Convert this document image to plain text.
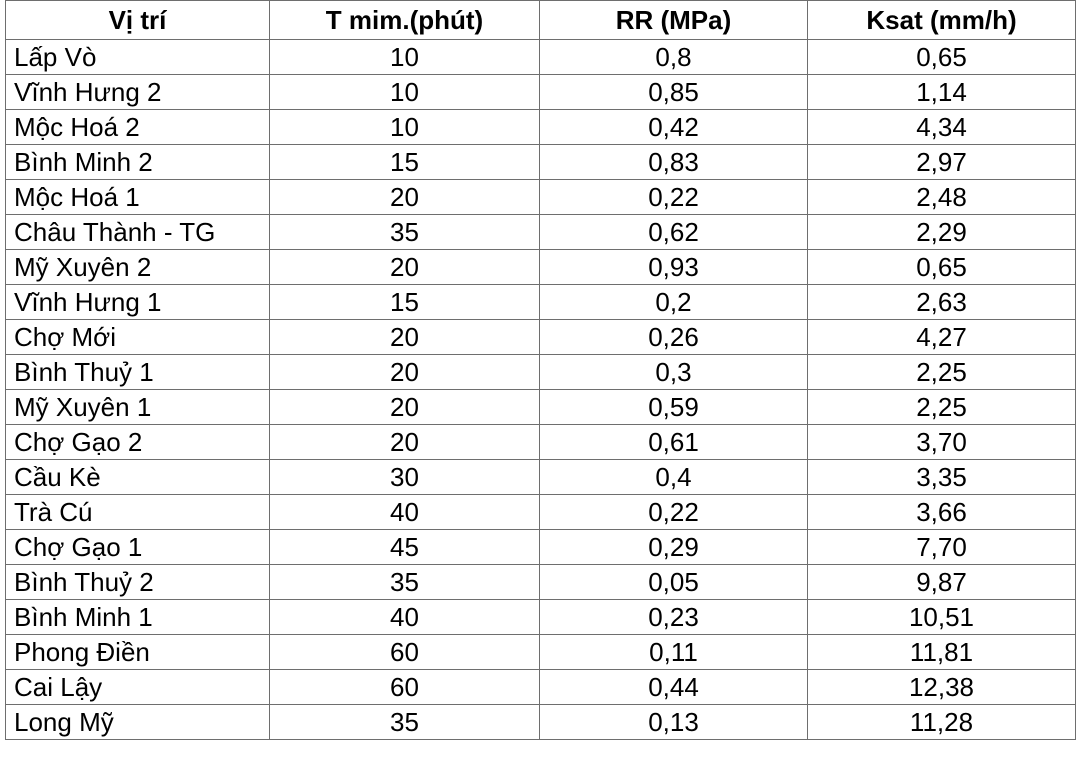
Vị trí	T mim.(phút)	RR (MPa)	Ksat (mm/h)
Lấp Vò	10	0,8	0,65
Vĩnh Hưng 2	10	0,85	1,14
Mộc Hoá 2	10	0,42	4,34
Bình Minh 2	15	0,83	2,97
Mộc Hoá 1	20	0,22	2,48
Châu Thành - TG	35	0,62	2,29
Mỹ Xuyên 2	20	0,93	0,65
Vĩnh Hưng 1	15	0,2	2,63
Chợ Mới	20	0,26	4,27
Bình Thuỷ 1	20	0,3	2,25
Mỹ Xuyên 1	20	0,59	2,25
Chợ Gạo 2	20	0,61	3,70
Cầu Kè	30	0,4	3,35
Trà Cú	40	0,22	3,66
Chợ Gạo 1	45	0,29	7,70
Bình Thuỷ 2	35	0,05	9,87
Bình Minh 1	40	0,23	10,51
Phong Điền	60	0,11	11,81
Cai Lậy	60	0,44	12,38
Long Mỹ	35	0,13	11,28
